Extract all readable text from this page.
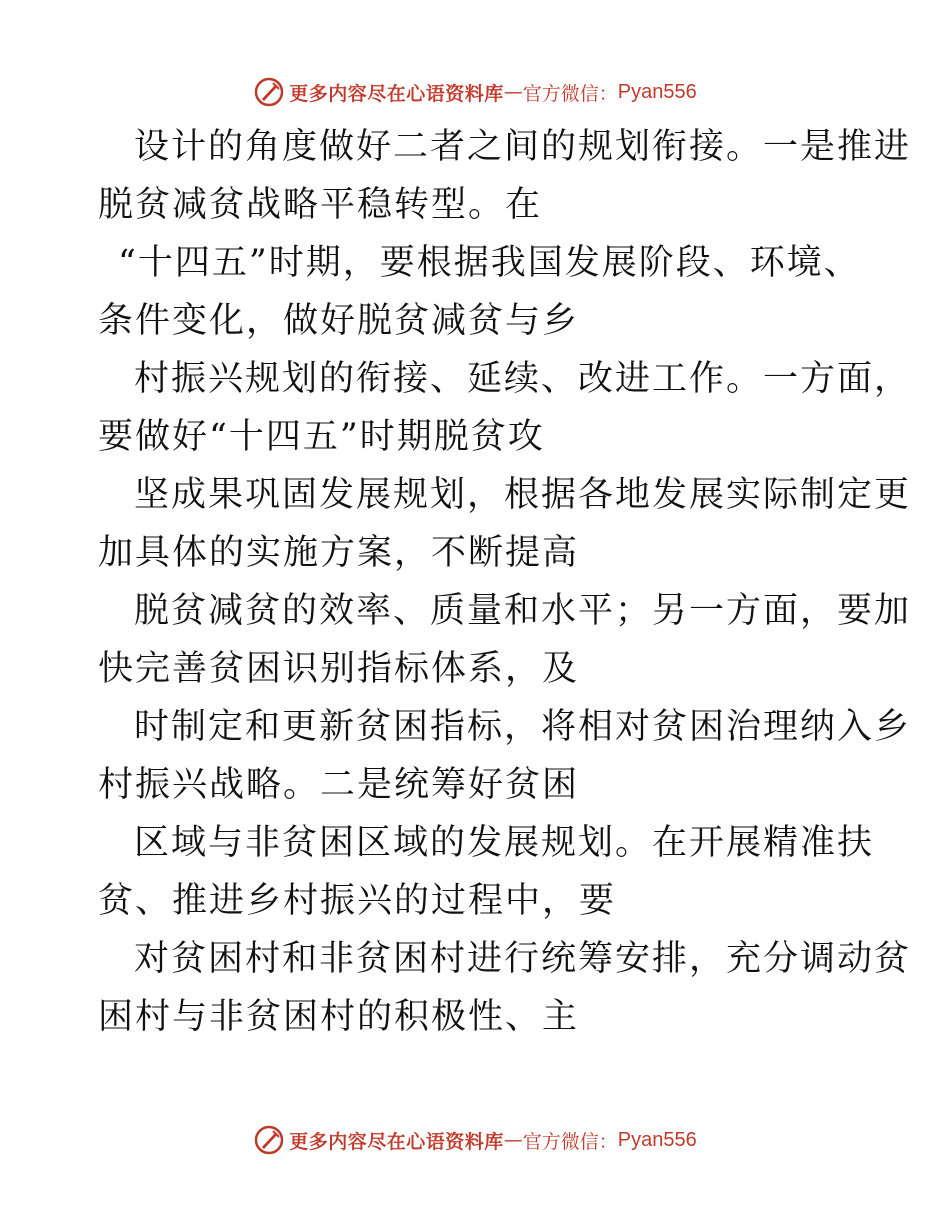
更多内容尽在心语资料库 — 官方微信： Pyan556
设计的角度做好二者之间的规划衔接。一是推进
脱贫减贫战略平稳转型。在
“十四五”时期，要根据我国发展阶段、环境、
条件变化，做好脱贫减贫与乡
村振兴规划的衔接、延续、改进工作。一方面，
要做好“十四五”时期脱贫攻
坚成果巩固发展规划，根据各地发展实际制定更
加具体的实施方案，不断提高
脱贫减贫的效率、质量和水平；另一方面，要加
快完善贫困识别指标体系，及
时制定和更新贫困指标，将相对贫困治理纳入乡
村振兴战略。二是统筹好贫困
区域与非贫困区域的发展规划。在开展精准扶
贫、推进乡村振兴的过程中，要
对贫困村和非贫困村进行统筹安排，充分调动贫
困村与非贫困村的积极性、主
更多内容尽在心语资料库 — 官方微信： Pyan556
